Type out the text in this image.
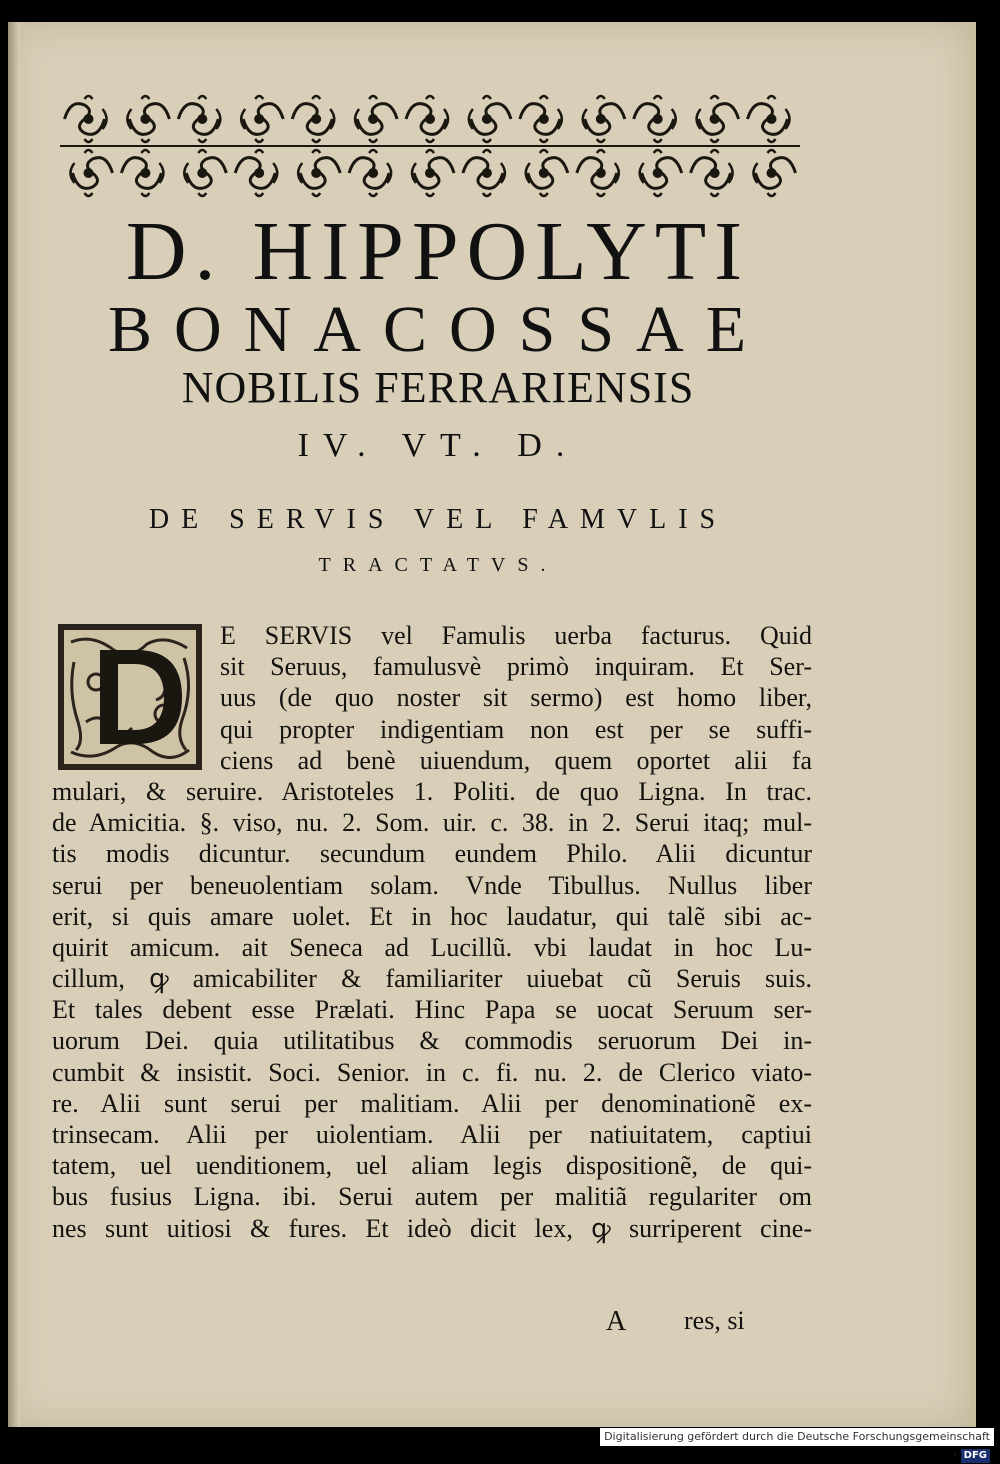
D. HIPPOLYTI
BONACOSSAE
NOBILIS FERRARIENSIS
IV. VT. D.
DE SERVIS VEL FAMVLIS
TRACTATVS.
E SERVIS vel Famulis uerba facturus. Quid
sit Seruus, famulusvè primò inquiram. Et Ser-
uus (de quo noster sit sermo) est homo liber,
qui propter indigentiam non est per se suffi-
ciens ad benè uiuendum, quem oportet alii fa
mulari, & seruire. Aristoteles 1. Politi. de quo Ligna. In trac.
de Amicitia. §. viso, nu. 2. Som. uir. c. 38. in 2. Serui itaq; mul-
tis modis dicuntur. secundum eundem Philo. Alii dicuntur
serui per beneuolentiam solam. Vnde Tibullus. Nullus liber
erit, si quis amare uolet. Et in hoc laudatur, qui talẽ sibi ac-
quirit amicum. ait Seneca ad Lucillũ. vbi laudat in hoc Lu-
cillum, ꝙ amicabiliter & familiariter uiuebat cũ Seruis suis.
Et tales debent esse Prælati. Hinc Papa se uocat Seruum ser-
uorum Dei. quia utilitatibus & commodis seruorum Dei in-
cumbit & insistit. Soci. Senior. in c. fi. nu. 2. de Clerico viato-
re. Alii sunt serui per malitiam. Alii per denominationẽ ex-
trinsecam. Alii per uiolentiam. Alii per natiuitatem, captiui
tatem, uel uenditionem, uel aliam legis dispositionẽ, de qui-
bus fusius Ligna. ibi. Serui autem per malitiã regulariter om
nes sunt uitiosi & fures. Et ideò dicit lex, ꝙ surriperent cine-
A res, si
Digitalisierung gefördert durch die Deutsche Forschungsgemeinschaft · DFG
